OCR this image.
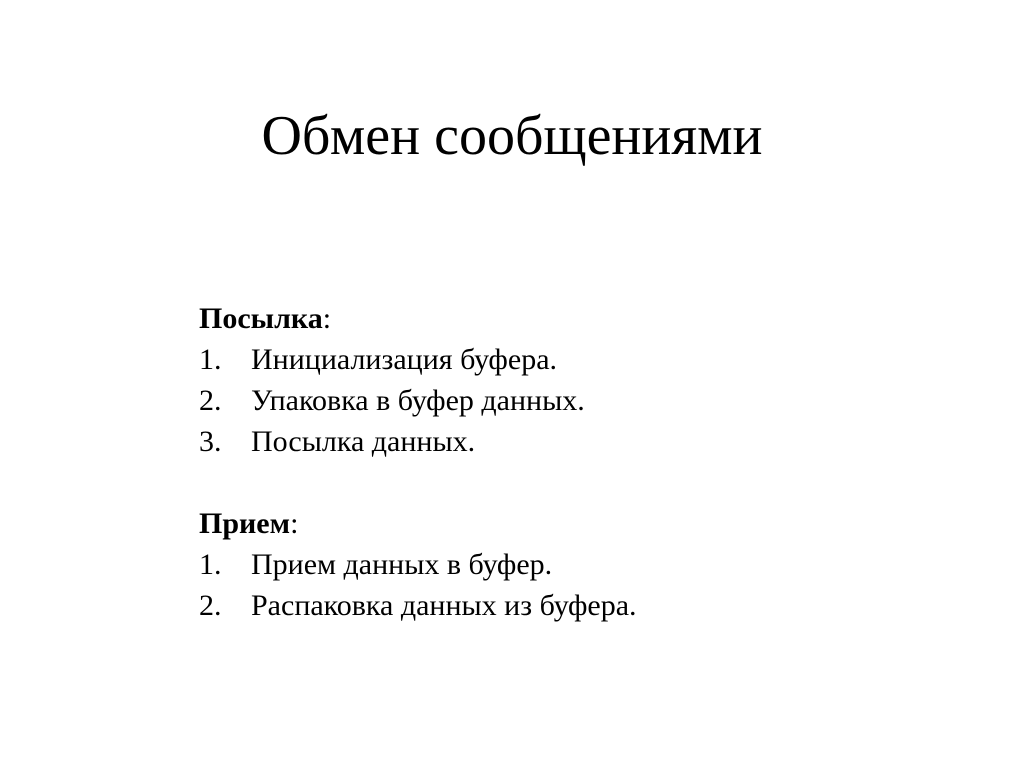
Обмен сообщениями

Посылка:

1. Инициализация буфера.
2. Упаковка в буфер данных.
3. Посылка данных.

Прием:

1. Прием данных в буфер.
2. Распаковка данных из буфера.
